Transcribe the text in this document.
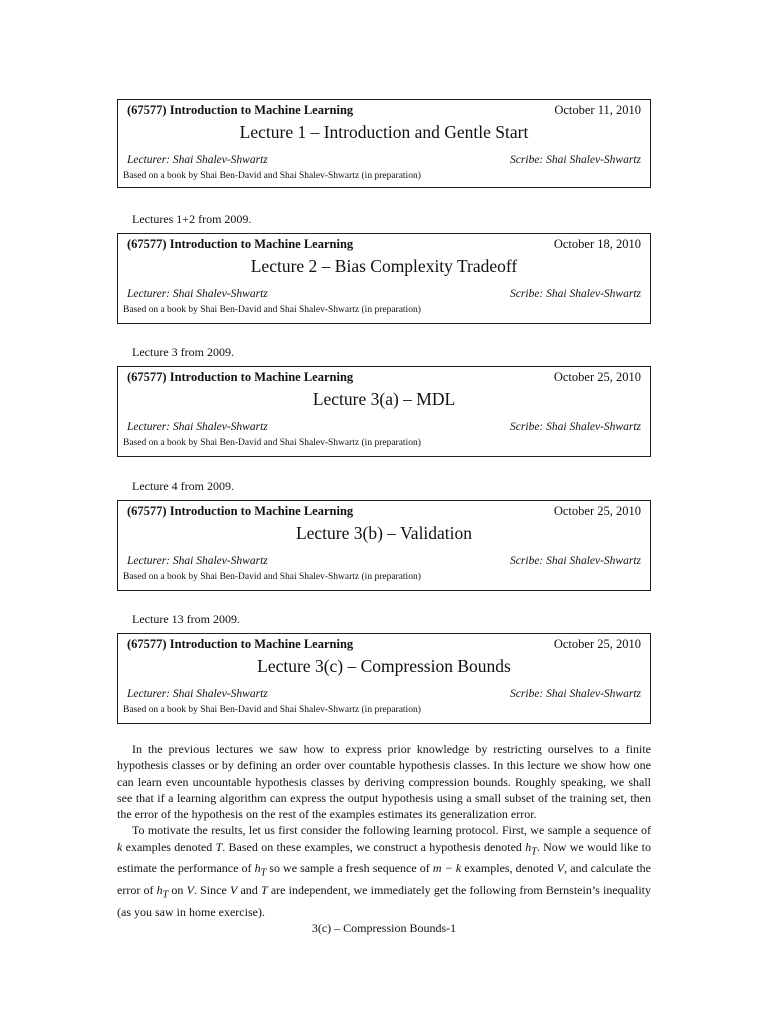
(67577) Introduction to Machine Learning	October 11, 2010
Lecture 1 – Introduction and Gentle Start
Lecturer: Shai Shalev-Shwartz	Scribe: Shai Shalev-Shwartz
Based on a book by Shai Ben-David and Shai Shalev-Shwartz (in preparation)
Lectures 1+2 from 2009.
(67577) Introduction to Machine Learning	October 18, 2010
Lecture 2 – Bias Complexity Tradeoff
Lecturer: Shai Shalev-Shwartz	Scribe: Shai Shalev-Shwartz
Based on a book by Shai Ben-David and Shai Shalev-Shwartz (in preparation)
Lecture 3 from 2009.
(67577) Introduction to Machine Learning	October 25, 2010
Lecture 3(a) – MDL
Lecturer: Shai Shalev-Shwartz	Scribe: Shai Shalev-Shwartz
Based on a book by Shai Ben-David and Shai Shalev-Shwartz (in preparation)
Lecture 4 from 2009.
(67577) Introduction to Machine Learning	October 25, 2010
Lecture 3(b) – Validation
Lecturer: Shai Shalev-Shwartz	Scribe: Shai Shalev-Shwartz
Based on a book by Shai Ben-David and Shai Shalev-Shwartz (in preparation)
Lecture 13 from 2009.
(67577) Introduction to Machine Learning	October 25, 2010
Lecture 3(c) – Compression Bounds
Lecturer: Shai Shalev-Shwartz	Scribe: Shai Shalev-Shwartz
Based on a book by Shai Ben-David and Shai Shalev-Shwartz (in preparation)

In the previous lectures we saw how to express prior knowledge by restricting ourselves to a finite hypothesis classes or by defining an order over countable hypothesis classes. In this lecture we show how one can learn even uncountable hypothesis classes by deriving compression bounds. Roughly speaking, we shall see that if a learning algorithm can express the output hypothesis using a small subset of the training set, then the error of the hypothesis on the rest of the examples estimates its generalization error.

To motivate the results, let us first consider the following learning protocol. First, we sample a sequence of k examples denoted T. Based on these examples, we construct a hypothesis denoted $h_T$. Now we would like to estimate the performance of $h_T$ so we sample a fresh sequence of m − k examples, denoted V, and calculate the error of $h_T$ on V. Since V and T are independent, we immediately get the following from Bernstein’s inequality (as you saw in home exercise).

3(c) – Compression Bounds-1
